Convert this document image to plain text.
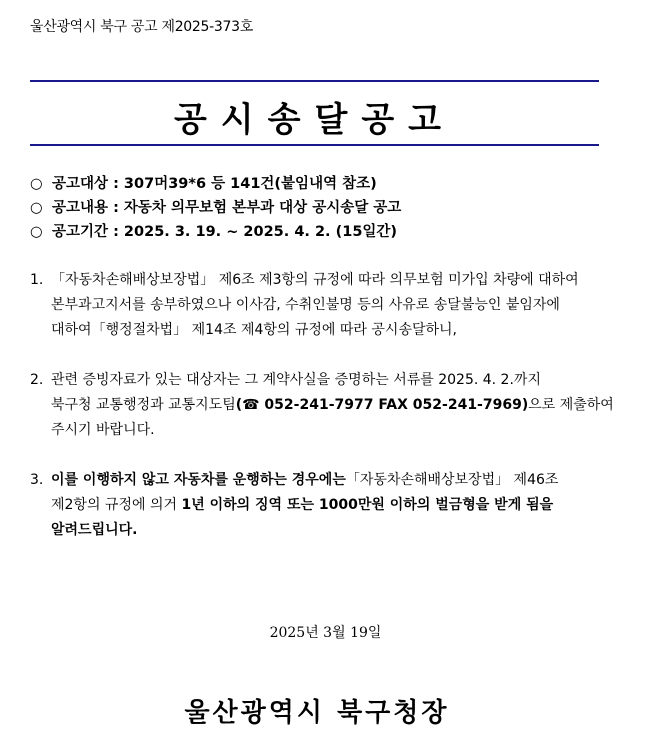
울산광역시 북구 공고 제2025-373호
공시송달공고
○ 공고대상 : 307머39*6 등 141건(붙임내역 참조)
○ 공고내용 : 자동차 의무보험 본부과 대상 공시송달 공고
○ 공고기간 : 2025. 3. 19. ~ 2025. 4. 2. (15일간)
1. 「자동차손해배상보장법」 제6조 제3항의 규정에 따라 의무보험 미가입 차량에 대하여
본부과고지서를 송부하였으나 이사감, 수취인불명 등의 사유로 송달불능인 붙임자에
대하여「행정절차법」 제14조 제4항의 규정에 따라 공시송달하니,
2. 관련 증빙자료가 있는 대상자는 그 계약사실을 증명하는 서류를 2025. 4. 2.까지
북구청 교통행정과 교통지도팀(☎ 052-241-7977 FAX 052-241-7969)으로 제출하여
주시기 바랍니다.
3. 이를 이행하지 않고 자동차를 운행하는 경우에는「자동차손해배상보장법」 제46조
제2항의 규정에 의거 1년 이하의 징역 또는 1000만원 이하의 벌금형을 받게 됨을
알려드립니다.
2025년 3월 19일
울산광역시 북구청장
